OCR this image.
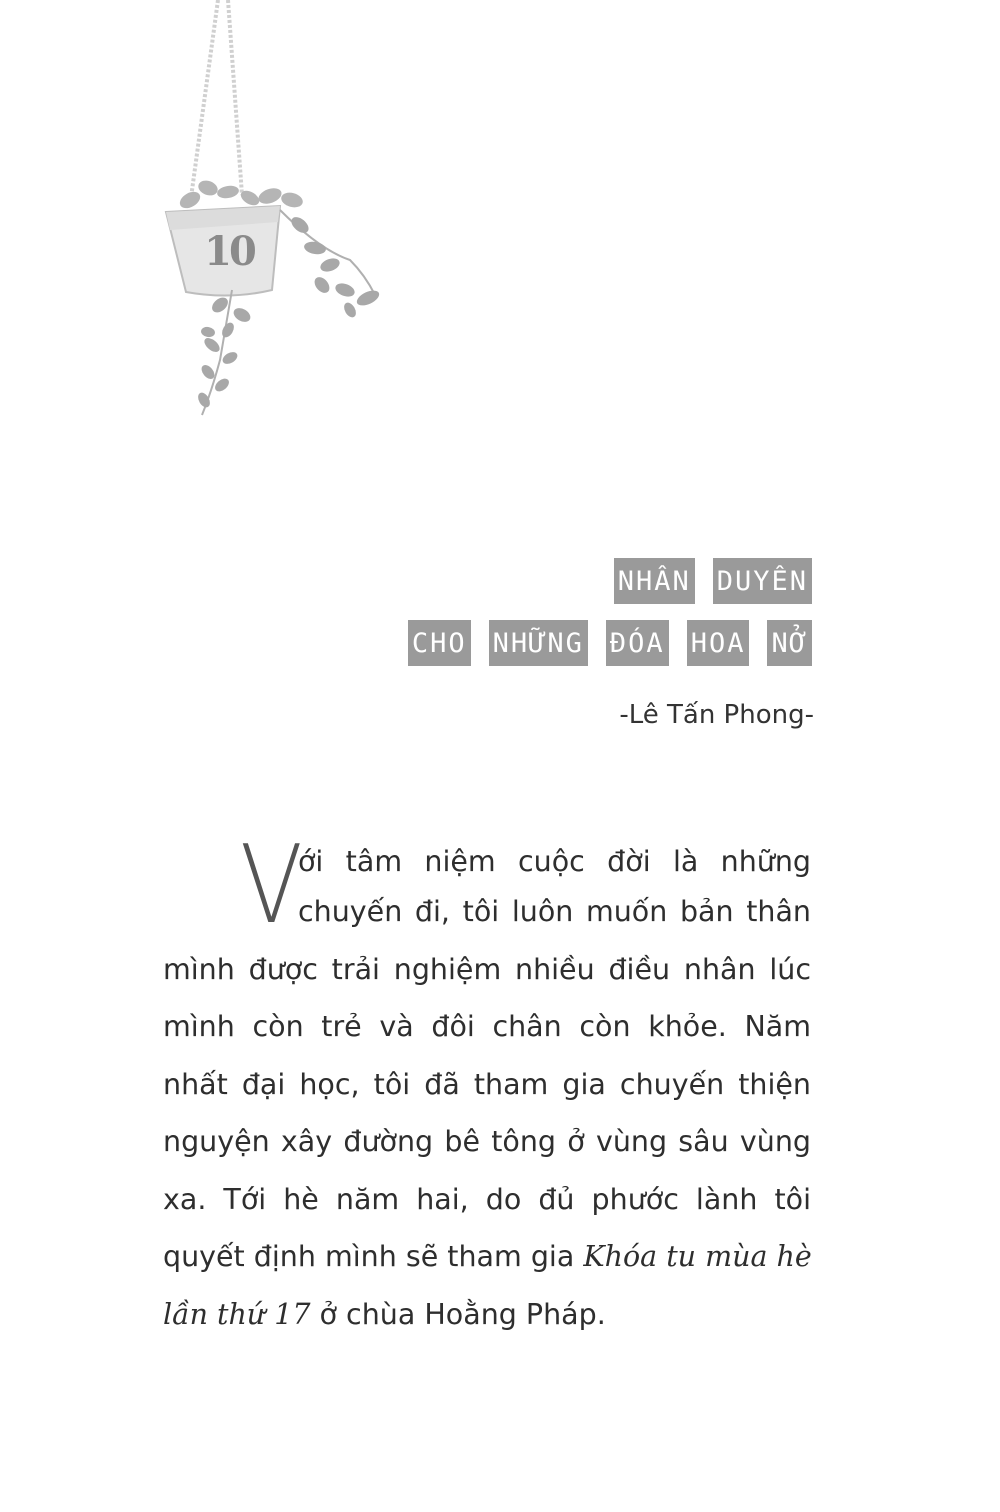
10
NHÂN DUYÊN
CHO NHỮNG ĐÓA HOA NỞ
-Lê Tấn Phong-
V
ới tâm niệm cuộc đời là những
chuyến đi, tôi luôn muốn bản thân
mình được trải nghiệm nhiều điều nhân lúc
mình còn trẻ và đôi chân còn khỏe. Năm
nhất đại học, tôi đã tham gia chuyến thiện
nguyện xây đường bê tông ở vùng sâu vùng
xa. Tới hè năm hai, do đủ phước lành tôi
quyết định mình sẽ tham gia Khóa tu mùa hè
lần thứ 17 ở chùa Hoằng Pháp.
